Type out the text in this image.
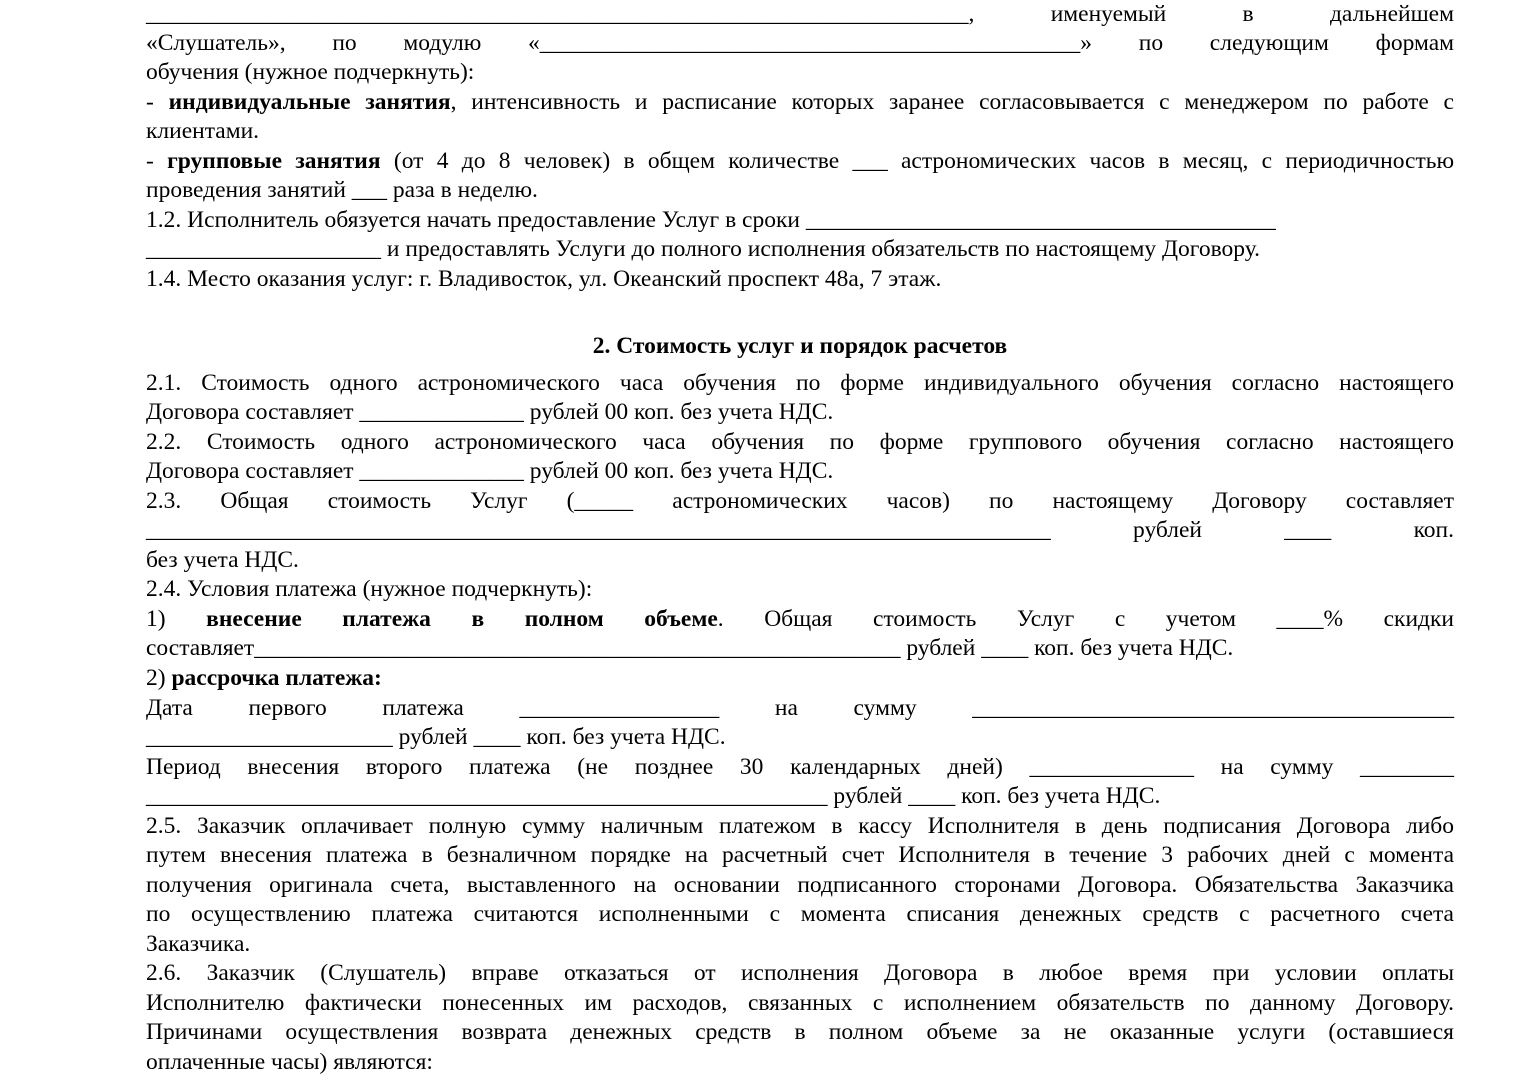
______________________________________________________________________, именуемый в дальнейшем
«Слушатель», по модулю «______________________________________________» по следующим формам
обучения (нужное подчеркнуть):
- индивидуальные занятия, интенсивность и расписание которых заранее согласовывается с менеджером по работе с
клиентами.
- групповые занятия (от 4 до 8 человек) в общем количестве ___ астрономических часов в месяц, с периодичностью
проведения занятий ___ раза в неделю.
1.2. Исполнитель обязуется начать предоставление Услуг в сроки ________________________________________
____________________ и предоставлять Услуги до полного исполнения обязательств по настоящему Договору.
1.4. Место оказания услуг: г. Владивосток, ул. Океанский проспект 48а, 7 этаж.
2. Стоимость услуг и порядок расчетов
2.1. Стоимость одного астрономического часа обучения по форме индивидуального обучения согласно настоящего
Договора составляет ______________ рублей 00 коп. без учета НДС.
2.2. Стоимость одного астрономического часа обучения по форме группового обучения согласно настоящего
Договора составляет ______________ рублей 00 коп. без учета НДС.
2.3. Общая стоимость Услуг (_____ астрономических часов) по настоящему Договору составляет
_____________________________________________________________________________ рублей ____ коп.
без учета НДС.
2.4. Условия платежа (нужное подчеркнуть):
1) внесение платежа в полном объеме. Общая стоимость Услуг с учетом ____% скидки
составляет_______________________________________________________ рублей ____ коп. без учета НДС.
2) рассрочка платежа:
Дата первого платежа _________________ на сумму _________________________________________
_____________________ рублей ____ коп. без учета НДС.
Период внесения второго платежа (не позднее 30 календарных дней) ______________ на сумму ________
__________________________________________________________ рублей ____ коп. без учета НДС.
2.5. Заказчик оплачивает полную сумму наличным платежом в кассу Исполнителя в день подписания Договора либо
путем внесения платежа в безналичном порядке на расчетный счет Исполнителя в течение 3 рабочих дней с момента
получения оригинала счета, выставленного на основании подписанного сторонами Договора. Обязательства Заказчика
по осуществлению платежа считаются исполненными с момента списания денежных средств с расчетного счета
Заказчика.
2.6. Заказчик (Слушатель) вправе отказаться от исполнения Договора в любое время при условии оплаты
Исполнителю фактически понесенных им расходов, связанных с исполнением обязательств по данному Договору.
Причинами осуществления возврата денежных средств в полном объеме за не оказанные услуги (оставшиеся
оплаченные часы) являются:
